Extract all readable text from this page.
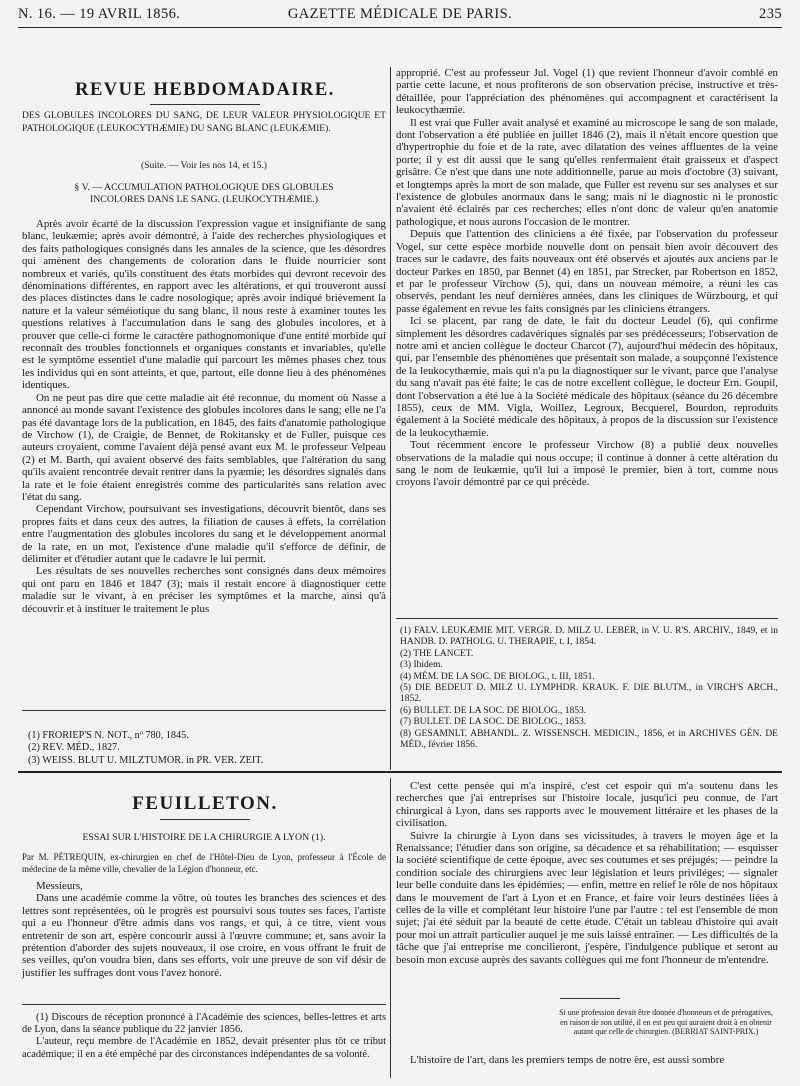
N. 16. — 19 AVRIL 1856.	GAZETTE MÉDICALE DE PARIS.	235
REVUE HEBDOMADAIRE.

DES GLOBULES INCOLORES DU SANG, DE LEUR VALEUR PHYSIOLOGIQUE ET PATHOLOGIQUE (LEUKOCYTHÆMIE) DU SANG BLANC (LEUKÆMIE).

(Suite. — Voir les nos 14, et 15.)
§ V. — ACCUMULATION PATHOLOGIQUE DES GLOBULES INCOLORES DANS LE SANG. (LEUKOCYTHÆMIE.)

Après avoir écarté de la discussion l'expression vague et insignifiante de sang blanc, leukæmie; après avoir démontré, à l'aide des recherches physiologiques et des faits pathologiques consignés dans les annales de la science, que les désordres qui amènent des changements de coloration dans le fluide nourricier sont nombreux et variés, qu'ils constituent des états morbides qui devront recevoir des dénominations différentes, en rapport avec les altérations, et qui trouveront aussi des places distinctes dans le cadre nosologique; après avoir indiqué brièvement la nature et la valeur séméiotique du sang blanc, il nous reste à examiner toutes les questions relatives à l'accumulation dans le sang des globules incolores, et à prouver que celle-ci forme le caractère pathognomonique d'une entité morbide qui reconnaît des troubles fonctionnels et organiques constants et invariables, qu'elle est le symptôme essentiel d'une maladie qui parcourt les mêmes phases chez tous les individus qui en sont atteints, et que, partout, elle donne lieu à des phénomènes identiques.

On ne peut pas dire que cette maladie ait été reconnue, du moment où Nasse a annoncé au monde savant l'existence des globules incolores dans le sang; elle ne l'a pas été davantage lors de la publication, en 1845, des faits d'anatomie pathologique de Virchow (1), de Craigie, de Bennet, de Rokitansky et de Fuller, puisque ces auteurs croyaient, comme l'avaient déjà pensé avant eux M. le professeur Velpeau (2) et M. Barth, qui avaient observé des faits semblables, que l'altération du sang qu'ils avaient rencontrée devait rentrer dans la pyæmie; les désordres signalés dans la rate et le foie étaient enregistrés comme des particularités sans relation avec l'état du sang.

Cependant Virchow, poursuivant ses investigations, découvrit bientôt, dans ses propres faits et dans ceux des autres, la filiation de causes à effets, la corrélation entre l'augmentation des globules incolores du sang et le développement anormal de la rate, en un mot, l'existence d'une maladie qu'il s'efforce de définir, de délimiter et d'étudier autant que le cadavre le lui permit.

Les résultats de ses nouvelles recherches sont consignés dans deux mémoires qui ont paru en 1846 et 1847 (3); mais il restait encore à diagnostiquer cette maladie sur le vivant, à en préciser les symptômes et la marche, ainsi qu'à découvrir et à instituer le traitement le plus

(1) FRORIEP'S N. NOT., nº 780, 1845.
(2) REV. MÉD., 1827.
(3) WEISS. BLUT U. MILZTUMOR. in PR. VER. ZEIT.

approprié. C'est au professeur Jul. Vogel (1) que revient l'honneur d'avoir comblé en partie cette lacune, et nous profiterons de son observation précise, instructive et très-détaillée, pour l'appréciation des phénomènes qui accompagnent et caractérisent la leukocythæmie.

Il est vrai que Fuller avait analysé et examiné au microscope le sang de son malade, dont l'observation a été publiée en juillet 1846 (2), mais il n'était encore question que d'hypertrophie du foie et de la rate, avec dilatation des veines affluentes de la veine porte; il y est dit aussi que le sang qu'elles renfermaient était graisseux et d'aspect grisâtre. Ce n'est que dans une note additionnelle, parue au mois d'octobre (3) suivant, et longtemps après la mort de son malade, que Fuller est revenu sur ses analyses et sur l'existence de globules anormaux dans le sang; mais ni le diagnostic ni le pronostic n'avaient été éclairés par ces recherches; elles n'ont donc de valeur qu'en anatomie pathologique, et nous aurons l'occasion de le montrer.

Depuis que l'attention des cliniciens a été fixée, par l'observation du professeur Vogel, sur cette espèce morbide nouvelle dont on pensait bien avoir découvert des traces sur le cadavre, des faits nouveaux ont été observés et ajoutés aux anciens par le docteur Parkes en 1850, par Bennet (4) en 1851, par Strecker, par Robertson en 1852, et par le professeur Virchow (5), qui, dans un nouveau mémoire, a réuni les cas observés, pendant les neuf dernières années, dans les cliniques de Würzbourg, et qui passe également en revue les faits consignés par les cliniciens étrangers.

Ici se placent, par rang de date, le fait du docteur Leudel (6), qui confirme simplement les désordres cadavériques signalés par ses prédécesseurs; l'observation de notre ami et ancien collègue le docteur Charcot (7), aujourd'hui médecin des hôpitaux, qui, par l'ensemble des phénomènes que présentait son malade, a soupçonné l'existence de la leukocythæmie, mais qui n'a pu la diagnostiquer sur le vivant, parce que l'analyse du sang n'avait pas été faite; le cas de notre excellent collègue, le docteur Ern. Goupil, dont l'observation a été lue à la Société médicale des hôpitaux (séance du 26 décembre 1855), ceux de MM. Vigla, Woillez, Legroux, Becquerel, Bourdon, reproduits également à la Société médicale des hôpitaux, à propos de la discussion sur l'existence de la leukocythæmie.

Tout récemment encore le professeur Virchow (8) a publié deux nouvelles observations de la maladie qui nous occupe; il continue à donner à cette altération du sang le nom de leukæmie, qu'il lui a imposé le premier, bien à tort, comme nous croyons l'avoir démontré par ce qui précède.

(1) FALV. LEUKÆMIE MIT. VERGR. D. MILZ U. LEBER, in V. U. R'S. ARCHIV., 1849, et in HANDB. D. PATHOLG. U. THERAPIE, t. I, 1854.
(2) THE LANCET.
(3) Ibidem.
(4) MÉM. DE LA SOC. DE BIOLOG., t. III, 1851.
(5) DIE BEDEUT D. MILZ U. LYMPHDR. KRAUK. F. DIE BLUTM., in VIRCH'S ARCH., 1852.
(6) BULLET. DE LA SOC. DE BIOLOG., 1853.
(7) BULLET. DE LA SOC. DE BIOLOG., 1853.
(8) GESAMNLT. ABHANDL. Z. WISSENSCH. MEDICIN., 1856, et in ARCHIVES GÉN. DE MÉD., février 1856.
FEUILLETON.
ESSAI SUR L'HISTOIRE DE LA CHIRURGIE A LYON (1).

Par M. PÉTREQUIN, ex-chirurgien en chef de l'Hôtel-Dieu de Lyon, professeur à l'École de médecine de la même ville, chevalier de la Légion d'honneur, etc.

Messieurs,

Dans une académie comme la vôtre, où toutes les branches des sciences et des lettres sont représentées, où le progrès est poursuivi sous toutes ses faces, l'artiste qui a eu l'honneur d'être admis dans vos rangs, et qui, à ce titre, vient vous entretenir de son art, espère concourir aussi à l'œuvre commune; et, sans avoir la prétention d'aborder des sujets nouveaux, il ose croire, en vous offrant le fruit de ses veilles, qu'on voudra bien, dans ses efforts, voir une preuve de son vif désir de justifier les suffrages dont vous l'avez honoré.

(1) Discours de réception prononcé à l'Académie des sciences, belles-lettres et arts de Lyon, dans la séance publique du 22 janvier 1856.

L'auteur, reçu membre de l'Académie en 1852, devait présenter plus tôt ce tribut académique; il en a été empêché par des circonstances indépendantes de sa volonté.

C'est cette pensée qui m'a inspiré, c'est cet espoir qui m'a soutenu dans les recherches que j'ai entreprises sur l'histoire locale, jusqu'ici peu connue, de l'art chirurgical à Lyon, dans ses rapports avec le mouvement littéraire et les phases de la civilisation.

Suivre la chirurgie à Lyon dans ses vicissitudes, à travers le moyen âge et la Renaissance; l'étudier dans son origine, sa décadence et sa réhabilitation; — esquisser la société scientifique de cette époque, avec ses coutumes et ses préjugés; — peindre la condition sociale des chirurgiens avec leur législation et leurs priviléges; — signaler leur belle conduite dans les épidémies; — enfin, mettre en relief le rôle de nos hôpitaux dans le mouvement de l'art à Lyon et en France, et faire voir leurs destinées liées à celles de la ville et complétant leur histoire l'une par l'autre : tel est l'ensemble de mon sujet; j'ai été séduit par la beauté de cette étude. C'était un tableau d'histoire qui avait pour moi un attrait particulier auquel je me suis laissé entraîner. — Les difficultés de la tâche que j'ai entreprise me concilieront, j'espère, l'indulgence publique et seront au besoin mon excuse auprès des savants collègues qui me font l'honneur de m'entendre.

Si une profession devait être donnée d'honneurs et de prérogatives, en raison de son utilité, il en est peu qui auraient droit à en obtenir autant que celle de chirurgien. (BERRIAT SAINT-PRIX.)

L'histoire de l'art, dans les premiers temps de notre ère, est aussi sombre
